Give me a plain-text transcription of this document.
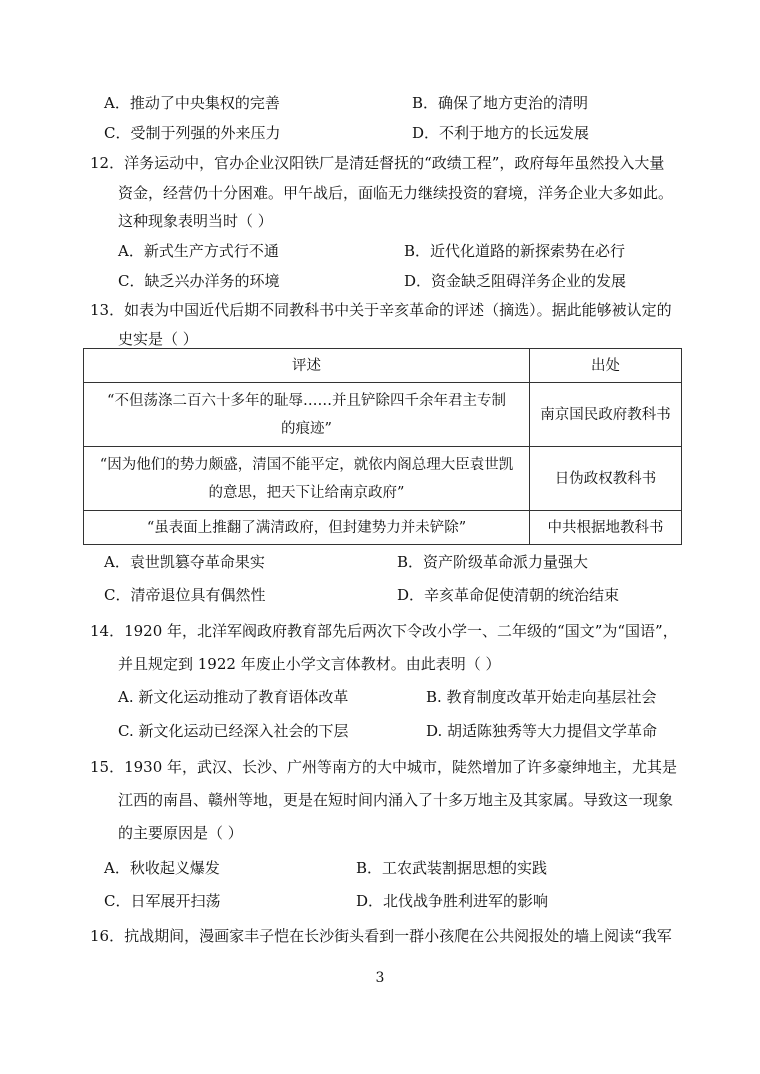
A．推动了中央集权的完善	B．确保了地方吏治的清明
C．受制于列强的外来压力	D．不利于地方的长远发展
12．洋务运动中，官办企业汉阳铁厂是清廷督抚的“政绩工程”，政府每年虽然投入大量
资金，经营仍十分困难。甲午战后，面临无力继续投资的窘境，洋务企业大多如此。
这种现象表明当时（ ）
A．新式生产方式行不通	B．近代化道路的新探索势在必行
C．缺乏兴办洋务的环境	D．资金缺乏阻碍洋务企业的发展
13．如表为中国近代后期不同教科书中关于辛亥革命的评述（摘选）。据此能够被认定的
史实是（ ）
评述	出处

“不但荡涤二百六十多年的耻辱……并且铲除四千余年君主专制
的痕迹”	南京国民政府教科书

“因为他们的势力颇盛，清国不能平定，就依内阁总理大臣袁世凯
的意思，把天下让给南京政府”	日伪政权教科书

“虽表面上推翻了满清政府，但封建势力并未铲除”	中共根据地教科书
A．袁世凯篡夺革命果实	B．资产阶级革命派力量强大
C．清帝退位具有偶然性	D．辛亥革命促使清朝的统治结束
14．1920 年，北洋军阀政府教育部先后两次下令改小学一、二年级的“国文”为“国语”，
并且规定到 1922 年废止小学文言体教材。由此表明（ ）
A. 新文化运动推动了教育语体改革	B. 教育制度改革开始走向基层社会
C. 新文化运动已经深入社会的下层	D. 胡适陈独秀等大力提倡文学革命
15．1930 年，武汉、长沙、广州等南方的大中城市，陡然增加了许多豪绅地主，尤其是
江西的南昌、赣州等地，更是在短时间内涌入了十多万地主及其家属。导致这一现象
的主要原因是（ ）
A．秋收起义爆发	B．工农武装割据思想的实践
C．日军展开扫荡	D．北伐战争胜利进军的影响
16．抗战期间，漫画家丰子恺在长沙街头看到一群小孩爬在公共阅报处的墙上阅读“我军
3
